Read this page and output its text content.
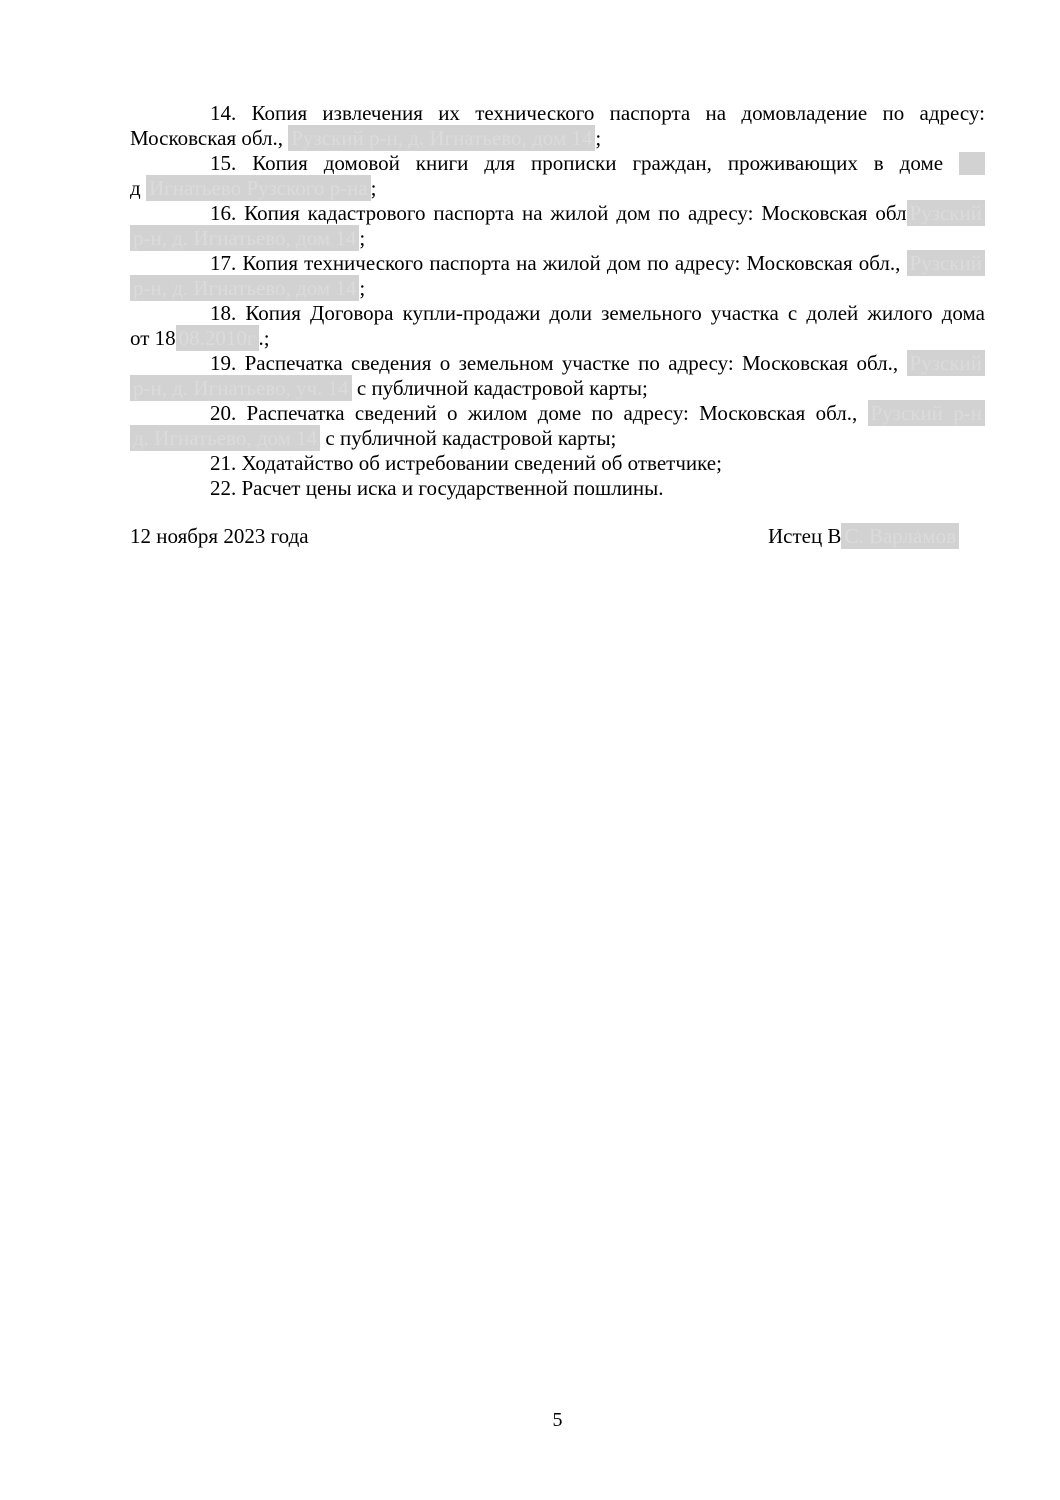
14. Копия извлечения их технического паспорта на домовладение по адресу:
Московская обл., Рузский р-н, д. Игнатьево, дом 14 ;
15. Копия домовой книги для прописки граждан, проживающих в доме
д Игнатьево Рузского р-на ;
16. Копия кадастрового паспорта на жилой дом по адресу: Московская обл Рузский
р-н, д. Игнатьево, дом 14 ;
17. Копия технического паспорта на жилой дом по адресу: Московская обл., Рузский
р-н, д. Игнатьево, дом 14 ;
18. Копия Договора купли-продажи доли земельного участка с долей жилого дома
от 18 08.2010г .;
19. Распечатка сведения о земельном участке по адресу: Московская обл., Рузский
р-н, д. Игнатьево, уч. 14 с публичной кадастровой карты;
20. Распечатка сведений о жилом доме по адресу: Московская обл., Рузский р-н
д. Игнатьево, дом 14 с публичной кадастровой карты;
21. Ходатайство об истребовании сведений об ответчике;
22. Расчет цены иска и государственной пошлины.
12 ноября 2023 года	Истец В С. Варламов
5
